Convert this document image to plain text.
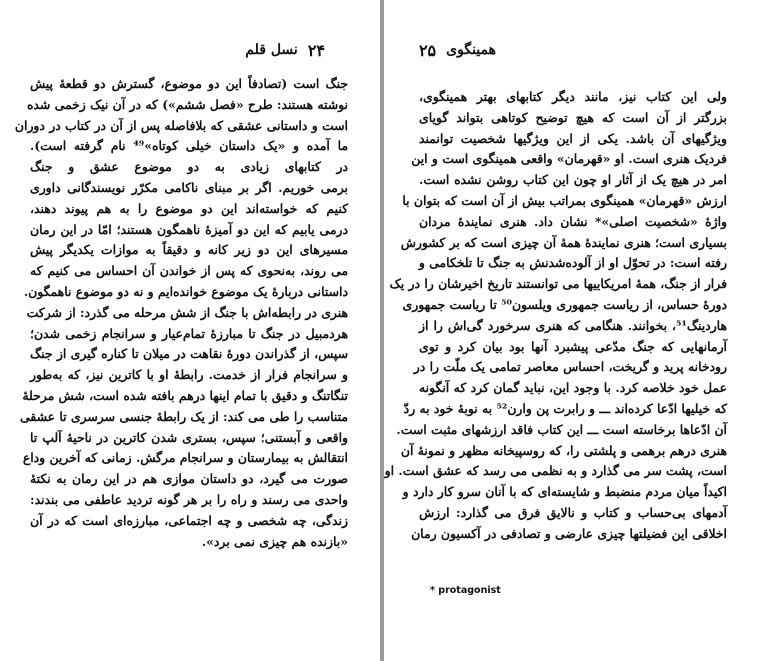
۲۴
نسل قلم
جنگ است (تصادفاً این دو موضوع، گسترش دو قطعهٔ پیش
نوشته هستند: طرح «فصل ششم») که در آن نیک زخمی شده
است و داستانی عشقی که بلافاصله پس از آن در کتاب در دوران
ما آمده و «یک داستان خیلی کوتاه»⁴⁹ نام گرفته است).
در کتابهای زیادی به دو موضوع عشق و جنگ
برمی خوریم. اگر بر مبنای ناکامی مکرّر نویسندگانی داوری
کنیم که خواسته‌اند این دو موضوع را به هم پیوند دهند،
درمی یابیم که این دو آمیزهٔ ناهمگون هستند؛ امّا در این رمان
مسیرهای این دو زیر کانه و دقیقاً به موازات یکدیگر پیش
می روند، به‌نحوی که پس از خواندن آن احساس می کنیم که
داستانی دربارهٔ یک موضوع خوانده‌ایم و نه دو موضوع ناهمگون.
هنری در رابطه‌اش با جنگ از شش مرحله می گذرد: از شرکت
هردمبیل در جنگ تا مبارزهٔ تمام‌عیار و سرانجام زخمی شدن؛
سپس، از گذراندن دورهٔ نقاهت در میلان تا کناره گیری از جنگ
و سرانجام فرار از خدمت. رابطهٔ او با کاترین نیز، که به‌طور
تنگاتنگ و دقیق با تمام اینها درهم بافته شده است، شش مرحلهٔ
متناسب را طی می کند: از یک رابطهٔ جنسی سرسری تا عشقی
واقعی و آبستنی؛ سپس، بستری شدن کاترین در ناحیهٔ آلپ تا
انتقالش به بیمارستان و سرانجام مرگش. زمانی که آخرین وداع
صورت می گیرد، دو داستان موازی هم در این رمان به نکتهٔ
واحدی می رسند و راه را بر هر گونه تردید عاطفی می بندند:
زندگی، چه شخصی و چه اجتماعی، مبارزه‌ای است که در آن
«بازنده هم چیزی نمی برد».
همینگوی
۲۵
ولی این کتاب نیز، مانند دیگر کتابهای بهتر همینگوی،
بزرگتر از آن است که هیچ توضیح کوتاهی بتواند گویای
ویژگیهای آن باشد. یکی از این ویژگیها شخصیت توانمند
فردیک هنری است. او «قهرمان» واقعی همینگوی است و این
امر در هیچ یک از آثار او چون این کتاب روشن نشده است.
ارزش «قهرمان» همینگوی بمراتب بیش از آن است که بتوان با
واژهٔ «شخصیت اصلی»* نشان داد. هنری نمایندهٔ مردان
بسیاری است؛ هنری نمایندهٔ همهٔ آن چیزی است که بر کشورش
رفته است: در تحوّل او از آلوده‌شدنش به جنگ تا تلخکامی و
فرار از جنگ، همهٔ امریکاییها می توانستند تاریخ اخیرشان را در یک
دورهٔ حساس، از ریاست جمهوری ویلسون⁵⁰ تا ریاست جمهوری
هاردینگ⁵¹، بخوانند. هنگامی که هنری سرخورد گی‌اش را از
آرمانهایی که جنگ مدّعی پیشبرد آنها بود بیان کرد و توی
رودخانه پرید و گریخت، احساس معاصر تمامی یک ملّت را در
عمل خود خلاصه کرد. با وجود این، نباید گمان کرد که آنگونه
که خیلیها ادّعا کرده‌اند ـــ و رابرت پن وارن⁵² به نوبهٔ خود به ردّ
آن ادّعاها برخاسته است ـــ این کتاب فاقد ارزشهای مثبت است.
هنری درهم برهمی و پلشتی را، که روسپیخانه مظهر و نمونهٔ آن
است، پشت سر می گذارد و به نظمی می رسد که عشق است. او
اکیداً میان مردم منضبط و شایسته‌ای که با آنان سرو کار دارد و
آدمهای بی‌حساب و کتاب و نالایق فرق می گذارد: ارزش
اخلاقی این فضیلتها چیزی عارضی و تصادفی در آکسیون رمان
* protagonist
